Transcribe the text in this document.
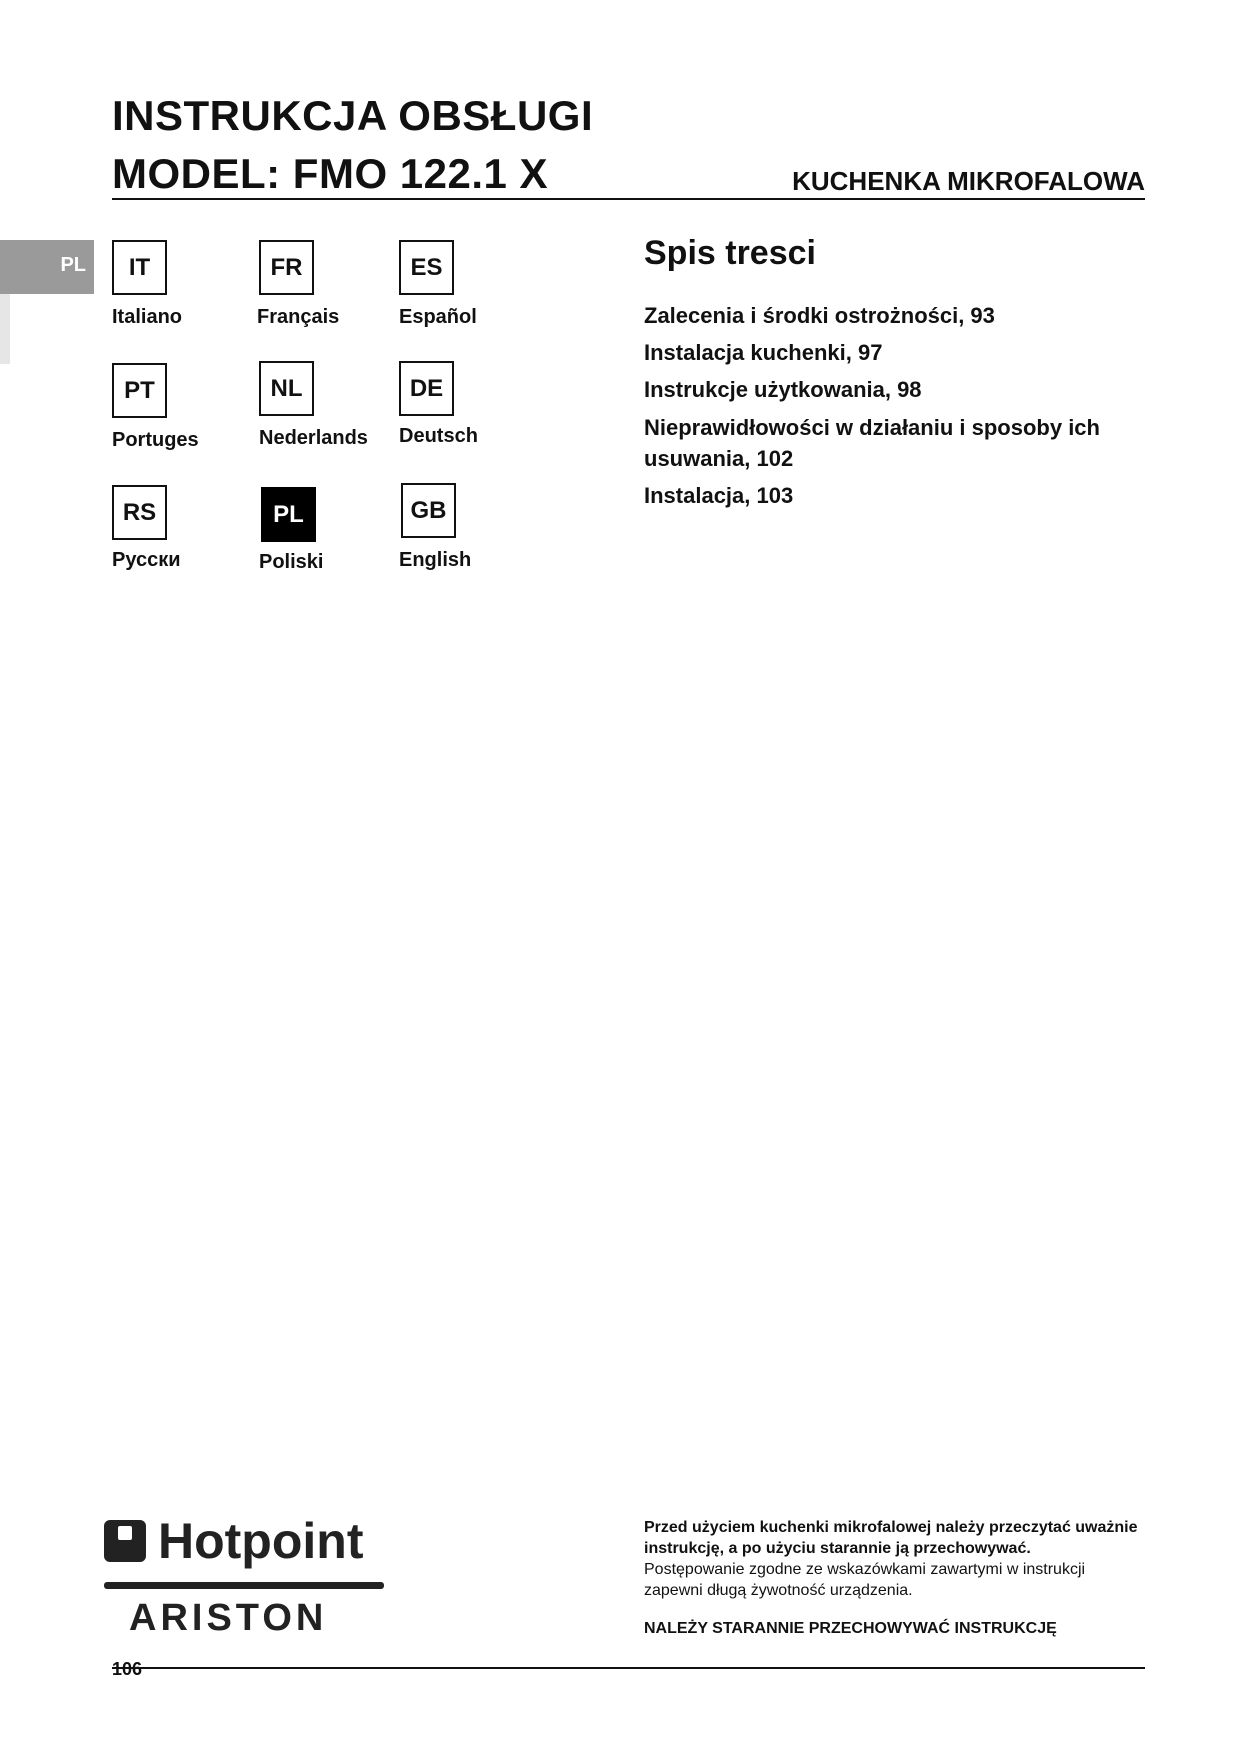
INSTRUKCJA OBSŁUGI
MODEL: FMO 122.1 X	KUCHENKA MIKROFALOWA
PL	IT
Italiano
FR
Français
ES
Español
PT
Portuges
NL
Nederlands
DE
Deutsch
RS
Русски
PL
Poliski
GB
English
Spis tresci
Zalecenia i środki ostrożności, 93
Instalacja kuchenki, 97
Instrukcje użytkowania, 98
Nieprawidłowości w działaniu i sposoby ich usuwania, 102
Instalacja, 103
Hotpoint
ARISTON
Przed użyciem kuchenki mikrofalowej należy przeczytać uważnie instrukcję, a po użyciu starannie ją przechowywać.
Postępowanie zgodne ze wskazówkami zawartymi w instrukcji zapewni długą żywotność urządzenia.
NALEŻY STARANNIE PRZECHOWYWAĆ INSTRUKCJĘ
106
